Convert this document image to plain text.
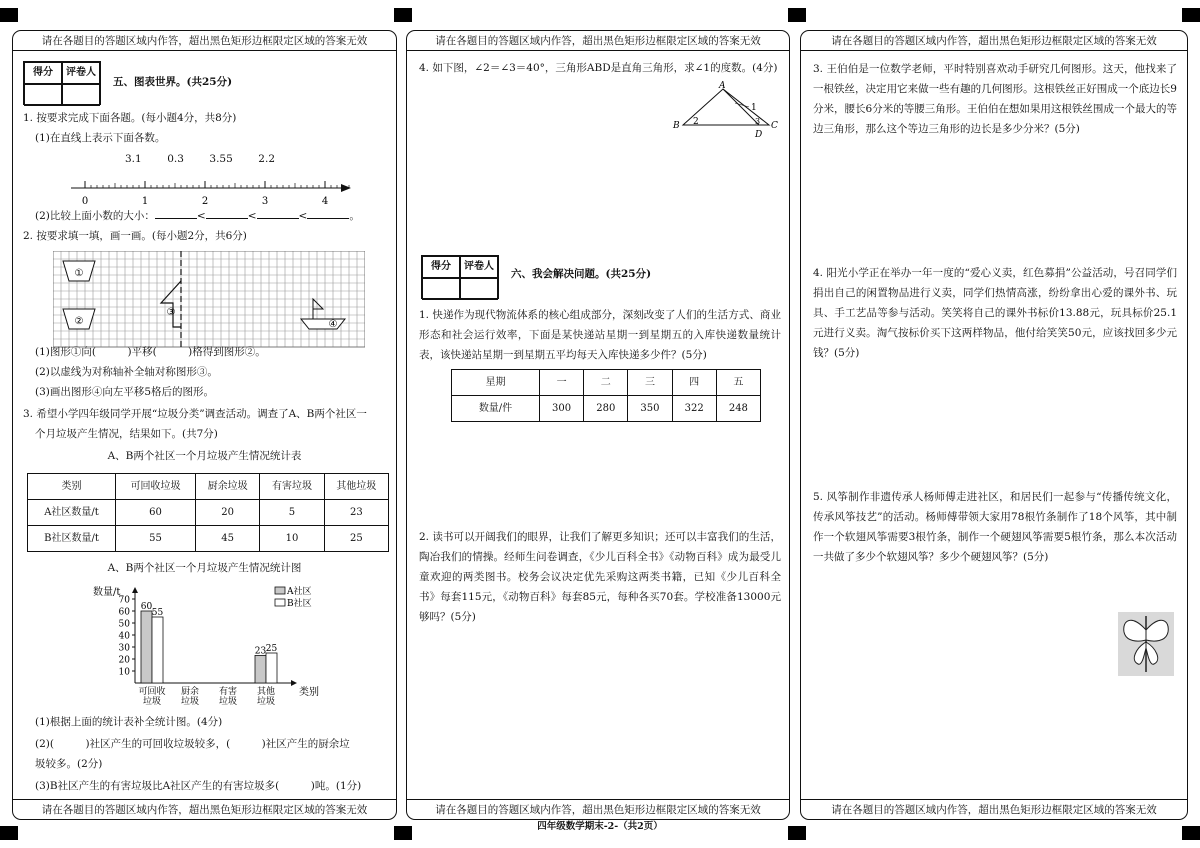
请在各题目的答题区域内作答，超出黑色矩形边框限定区域的答案无效
得分	评卷人
五、图表世界。(共25分)
1. 按要求完成下面各题。(每小题4分，共8分)
(1)在直线上表示下面各数。
3.1 0.3 3.55 2.2
0	1	2	3	4
(2)比较上面小数的大小：	<	<	<	。
2. 按要求填一填，画一画。(每小题2分，共6分)
①
②
③
④
(1)图形①向(　　　)平移(　　　)格得到图形②。
(2)以虚线为对称轴补全轴对称图形③。
(3)画出图形④向左平移5格后的图形。
3. 希望小学四年级同学开展“垃圾分类”调查活动。调查了A、B两个社区一
个月垃圾产生情况，结果如下。(共7分)
A、B两个社区一个月垃圾产生情况统计表
类别	可回收垃圾	厨余垃圾	有害垃圾	其他垃圾
A社区数量/t	60	20	5	23
B社区数量/t	55	45	10	25
A、B两个社区一个月垃圾产生情况统计图
数量/t
类别
10
20
30
40
50
60
70
60
55
可回收
垃圾
厨余
垃圾
有害
垃圾
23 25
其他
垃圾
A社区
B社区
(1)根据上面的统计表补全统计图。(4分)
(2)(　　　)社区产生的可回收垃圾较多，(　　　)社区产生的厨余垃
圾较多。(2分)
(3)B社区产生的有害垃圾比A社区产生的有害垃圾多(　　　)吨。(1分)
请在各题目的答题区域内作答，超出黑色矩形边框限定区域的答案无效
请在各题目的答题区域内作答，超出黑色矩形边框限定区域的答案无效
4. 如下图，∠2＝∠3＝40°，三角形ABD是直角三角形，求∠1的度数。(4分)
A
B	C
D
1
2	3
得分	评卷人
六、我会解决问题。(共25分)
1. 快递作为现代物流体系的核心组成部分，深刻改变了人们的生活方式、商业形态和社会运行效率，下面是某快递站星期一到星期五的入库快递数量统计表，该快递站星期一到星期五平均每天入库快递多少件？(5分)
星期	一	二	三	四	五
数量/件	300	280	350	322	248
2. 读书可以开阔我们的眼界，让我们了解更多知识；还可以丰富我们的生活，陶冶我们的情操。经师生问卷调查，《少儿百科全书》《动物百科》成为最受儿童欢迎的两类图书。校务会议决定优先采购这两类书籍，已知《少儿百科全书》每套115元，《动物百科》每套85元，每种各买70套。学校准备13000元够吗？(5分)
请在各题目的答题区域内作答，超出黑色矩形边框限定区域的答案无效
请在各题目的答题区域内作答，超出黑色矩形边框限定区域的答案无效
3. 王伯伯是一位数学老师，平时特别喜欢动手研究几何图形。这天，他找来了一根铁丝，决定用它来做一些有趣的几何图形。这根铁丝正好围成一个底边长9分米，腰长6分米的等腰三角形。王伯伯在想如果用这根铁丝围成一个最大的等边三角形，那么这个等边三角形的边长是多少分米？(5分)
4. 阳光小学正在举办一年一度的“爱心义卖，红色募捐”公益活动，号召同学们捐出自己的闲置物品进行义卖，同学们热情高涨，纷纷拿出心爱的课外书、玩具、手工艺品等参与活动。笑笑将自己的课外书标价13.88元，玩具标价25.1元进行义卖。淘气按标价买下这两样物品，他付给笑笑50元，应该找回多少元钱？(5分)
5. 风筝制作非遗传承人杨师傅走进社区，和居民们一起参与“传播传统文化，传承风筝技艺”的活动。杨师傅带领大家用78根竹条制作了18个风筝，其中制作一个软翅风筝需要3根竹条，制作一个硬翅风筝需要5根竹条，那么本次活动一共做了多少个软翅风筝？多少个硬翅风筝？(5分)
请在各题目的答题区域内作答，超出黑色矩形边框限定区域的答案无效
四年级数学期末-2-（共2页）
